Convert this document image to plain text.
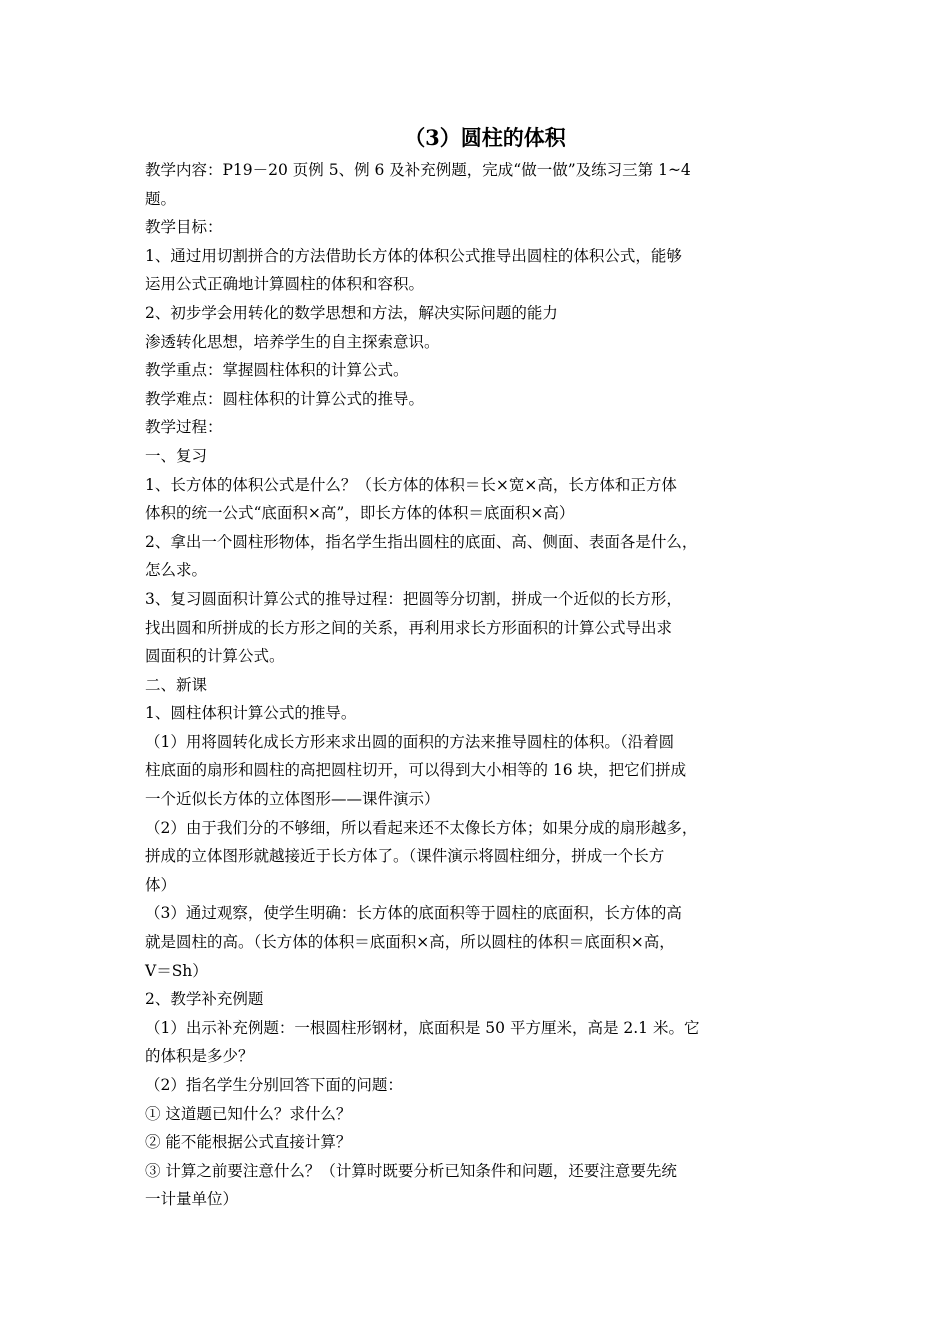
（3）圆柱的体积

教学内容：P19－20 页例 5、例 6 及补充例题，完成“做一做”及练习三第 1~4

题。

教学目标：

1、通过用切割拼合的方法借助长方体的体积公式推导出圆柱的体积公式，能够

运用公式正确地计算圆柱的体积和容积。

2、初步学会用转化的数学思想和方法，解决实际问题的能力

渗透转化思想，培养学生的自主探索意识。

教学重点：掌握圆柱体积的计算公式。

教学难点：圆柱体积的计算公式的推导。

教学过程：

一、复习

1、长方体的体积公式是什么？（长方体的体积＝长×宽×高，长方体和正方体

体积的统一公式“底面积×高”，即长方体的体积＝底面积×高）

2、拿出一个圆柱形物体，指名学生指出圆柱的底面、高、侧面、表面各是什么，

怎么求。

3、复习圆面积计算公式的推导过程：把圆等分切割，拼成一个近似的长方形，

找出圆和所拼成的长方形之间的关系，再利用求长方形面积的计算公式导出求

圆面积的计算公式。

二、新课

1、圆柱体积计算公式的推导。

（1）用将圆转化成长方形来求出圆的面积的方法来推导圆柱的体积。（沿着圆

柱底面的扇形和圆柱的高把圆柱切开，可以得到大小相等的 16 块，把它们拼成

一个近似长方体的立体图形——课件演示）

（2）由于我们分的不够细，所以看起来还不太像长方体；如果分成的扇形越多，

拼成的立体图形就越接近于长方体了。（课件演示将圆柱细分，拼成一个长方

体）

（3）通过观察，使学生明确：长方体的底面积等于圆柱的底面积，长方体的高

就是圆柱的高。（长方体的体积＝底面积×高，所以圆柱的体积＝底面积×高，

V＝Sh）

2、教学补充例题

（1）出示补充例题：一根圆柱形钢材，底面积是 50 平方厘米，高是 2.1 米。它

的体积是多少？

（2）指名学生分别回答下面的问题：

① 这道题已知什么？求什么？

② 能不能根据公式直接计算？

③ 计算之前要注意什么？（计算时既要分析已知条件和问题，还要注意要先统

一计量单位）
